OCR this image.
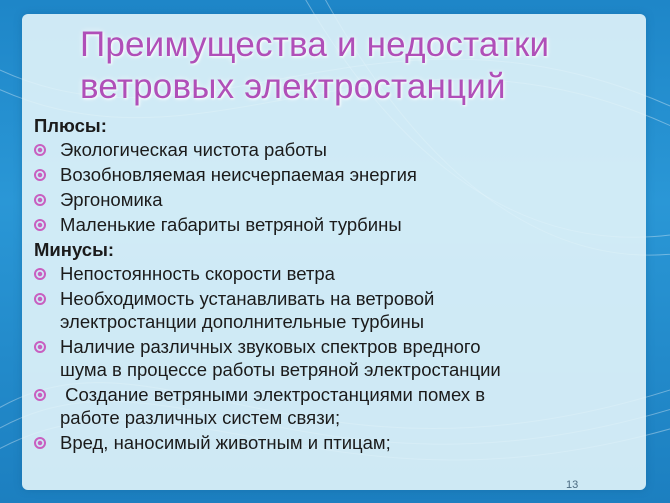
Преимущества и недостатки
ветровых электростанций
Плюсы:
Экологическая чистота работы
Возобновляемая неисчерпаемая энергия
Эргономика
Маленькие габариты ветряной турбины
Минусы:
Непостоянность скорости ветра
Необходимость устанавливать на ветровой
электростанции дополнительные турбины
Наличие различных звуковых спектров вредного
шума в процессе работы ветряной электростанции
Создание ветряными электростанциями помех в
работе различных систем связи;
Вред, наносимый животным и птицам;
13
